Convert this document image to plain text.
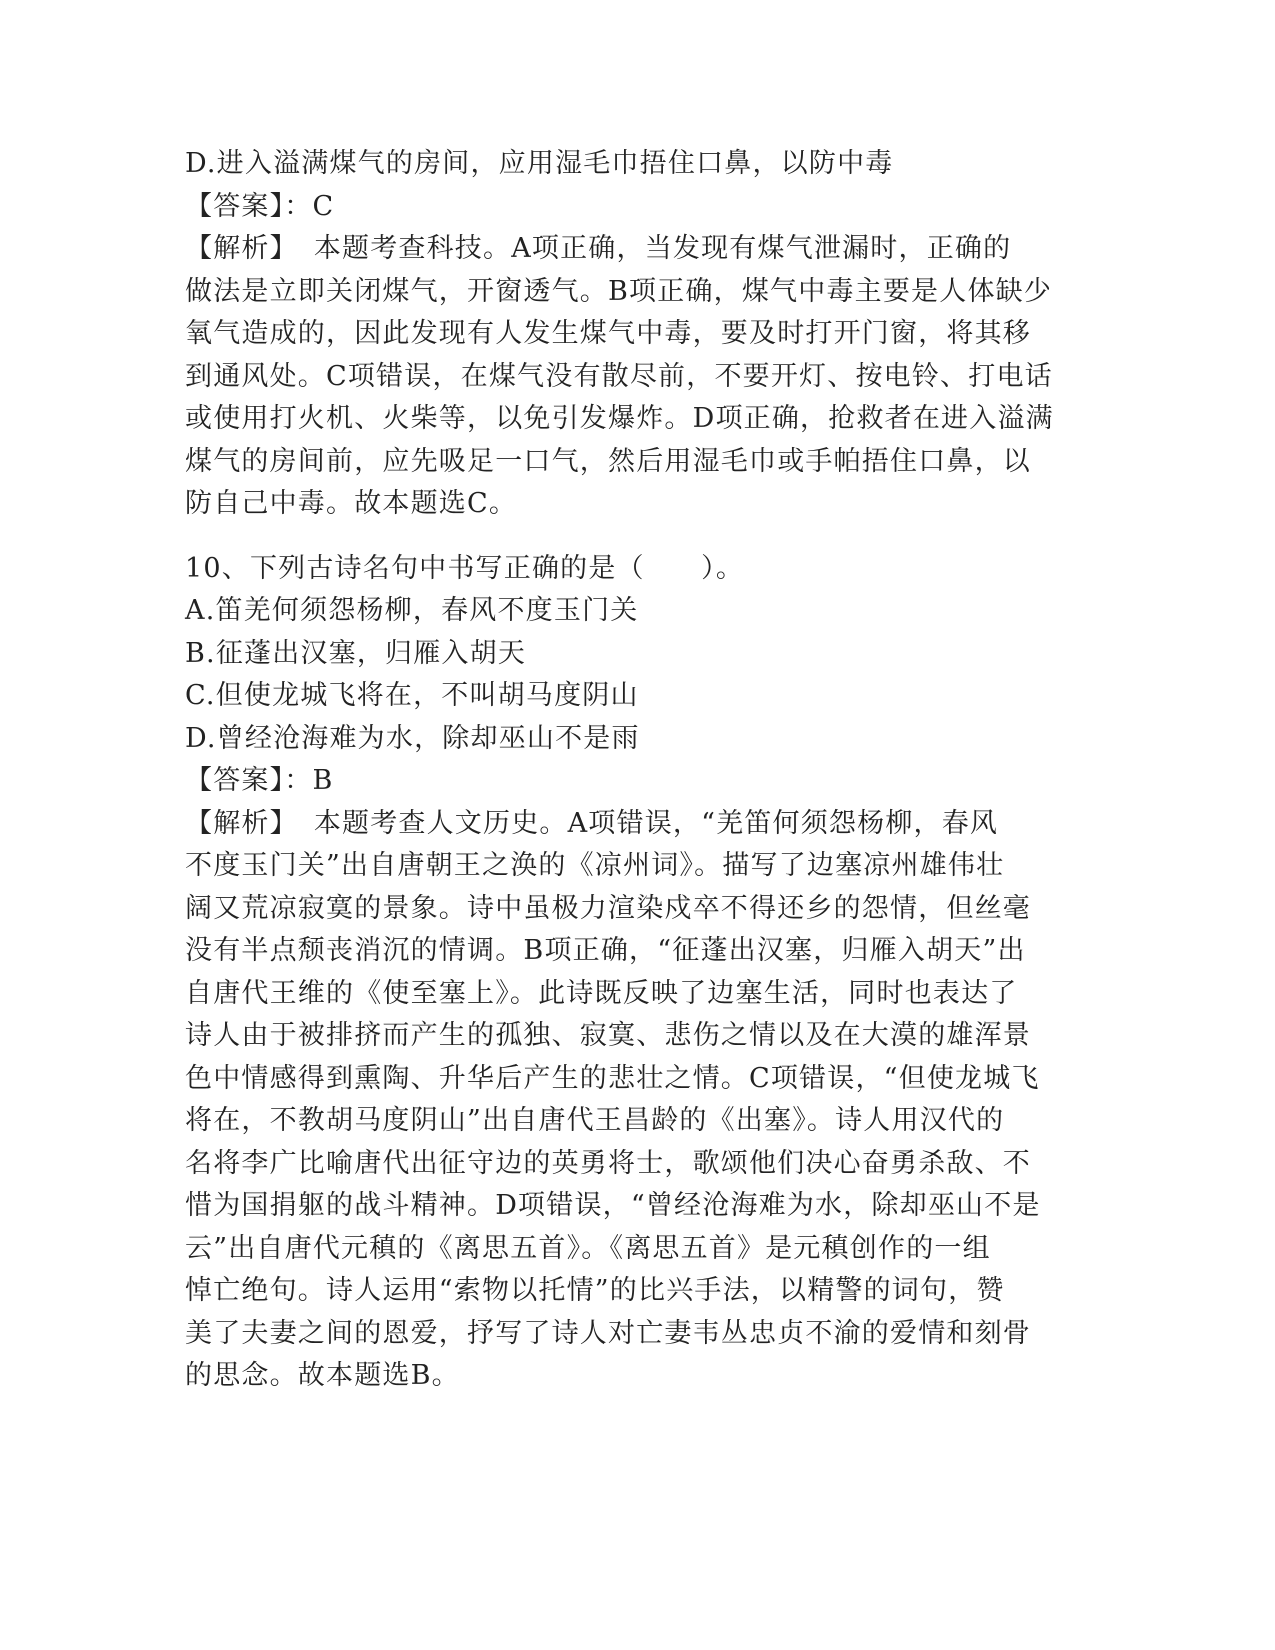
D.进入溢满煤气的房间，应用湿毛巾捂住口鼻，以防中毒
【答案】：C
【解析】 本题考查科技。A项正确，当发现有煤气泄漏时，正确的
做法是立即关闭煤气，开窗透气。B项正确，煤气中毒主要是人体缺少
氧气造成的，因此发现有人发生煤气中毒，要及时打开门窗，将其移
到通风处。C项错误，在煤气没有散尽前，不要开灯、按电铃、打电话
或使用打火机、火柴等，以免引发爆炸。D项正确，抢救者在进入溢满
煤气的房间前，应先吸足一口气，然后用湿毛巾或手帕捂住口鼻，以
防自己中毒。故本题选C。
10、下列古诗名句中书写正确的是（　　）。
A.笛羌何须怨杨柳，春风不度玉门关
B.征蓬出汉塞，归雁入胡天
C.但使龙城飞将在，不叫胡马度阴山
D.曾经沧海难为水，除却巫山不是雨
【答案】：B
【解析】 本题考查人文历史。A项错误，“羌笛何须怨杨柳，春风
不度玉门关”出自唐朝王之涣的《凉州词》。描写了边塞凉州雄伟壮
阔又荒凉寂寞的景象。诗中虽极力渲染戍卒不得还乡的怨情，但丝毫
没有半点颓丧消沉的情调。B项正确，“征蓬出汉塞，归雁入胡天”出
自唐代王维的《使至塞上》。此诗既反映了边塞生活，同时也表达了
诗人由于被排挤而产生的孤独、寂寞、悲伤之情以及在大漠的雄浑景
色中情感得到熏陶、升华后产生的悲壮之情。C项错误，“但使龙城飞
将在，不教胡马度阴山”出自唐代王昌龄的《出塞》。诗人用汉代的
名将李广比喻唐代出征守边的英勇将士，歌颂他们决心奋勇杀敌、不
惜为国捐躯的战斗精神。D项错误，“曾经沧海难为水，除却巫山不是
云”出自唐代元稹的《离思五首》。《离思五首》是元稹创作的一组
悼亡绝句。诗人运用“索物以托情”的比兴手法，以精警的词句，赞
美了夫妻之间的恩爱，抒写了诗人对亡妻韦丛忠贞不渝的爱情和刻骨
的思念。故本题选B。
